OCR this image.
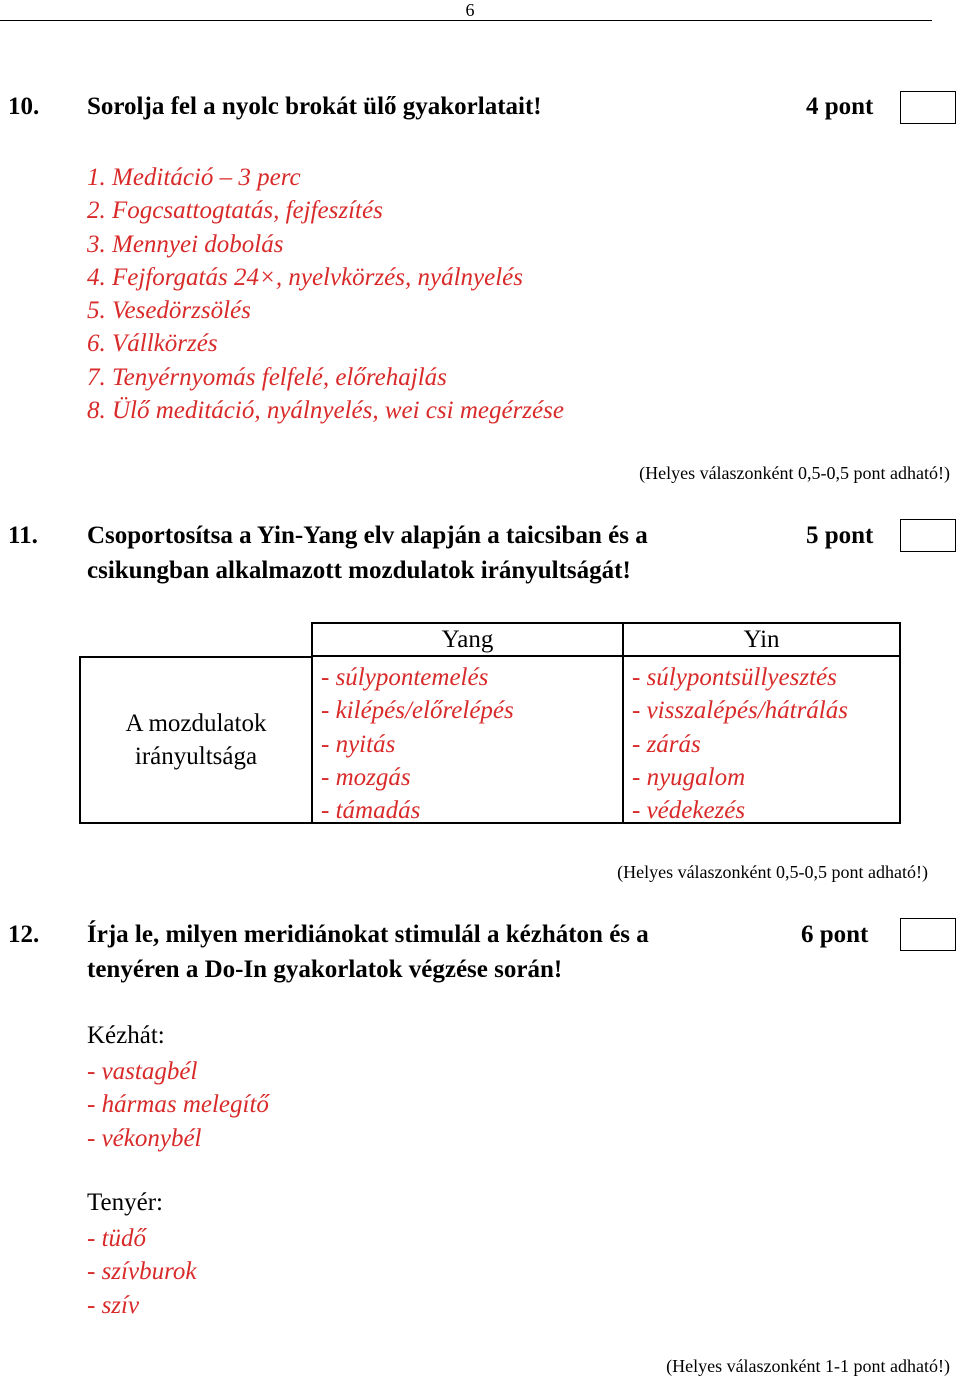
6
10. Sorolja fel a nyolc brokát ülő gyakorlatait!	4 pont
1. Meditáció – 3 perc
2. Fogcsattogtatás, fejfeszítés
3. Mennyei dobolás
4. Fejforgatás 24×, nyelvkörzés, nyálnyelés
5. Vesedörzsölés
6. Vállkörzés
7. Tenyérnyomás felfelé, előrehajlás
8. Ülő meditáció, nyálnyelés, wei csi megérzése
(Helyes válaszonként 0,5-0,5 pont adható!)
11. Csoportosítsa a Yin-Yang elv alapján a taicsiban és a
csikungban alkalmazott mozdulatok irányultságát!
5 pont
A mozdulatok
irányultsága
Yang	Yin
- súlypontemelés
- kilépés/előrelépés
- nyitás
- mozgás
- támadás
- súlypontsüllyesztés
- visszalépés/hátrálás
- zárás
- nyugalom
- védekezés
(Helyes válaszonként 0,5-0,5 pont adható!)
12. Írja le, milyen meridiánokat stimulál a kézháton és a
tenyéren a Do-In gyakorlatok végzése során!
6 pont
Kézhát:
- vastagbél
- hármas melegítő
- vékonybél
Tenyér:
- tüdő
- szívburok
- szív
(Helyes válaszonként 1-1 pont adható!)
